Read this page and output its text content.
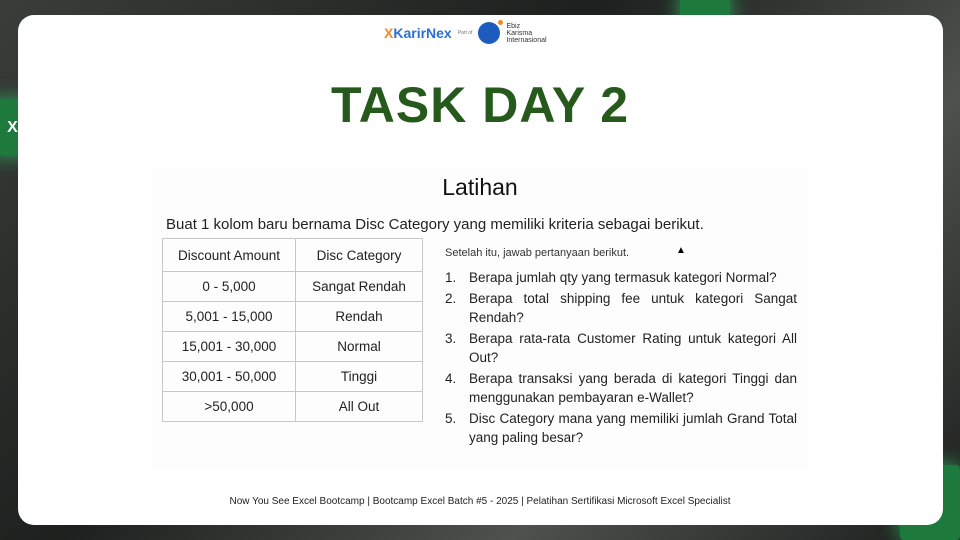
X
XKarirNex Part of
Ebiz
Karisma
Internasional
TASK DAY 2
Latihan
Buat 1 kolom baru bernama Disc Category yang memiliki kriteria sebagai berikut.
Discount Amount	Disc Category
0 - 5,000	Sangat Rendah
5,001 - 15,000	Rendah
15,001 - 30,000	Normal
30,001 - 50,000	Tinggi
>50,000	All Out
Setelah itu, jawab pertanyaan berikut.	▲
1. Berapa jumlah qty yang termasuk kategori Normal?
2. Berapa total shipping fee untuk kategori Sangat Rendah?
3. Berapa rata-rata Customer Rating untuk kategori All Out?
4. Berapa transaksi yang berada di kategori Tinggi dan menggunakan pembayaran e-Wallet?
5. Disc Category mana yang memiliki jumlah Grand Total yang paling besar?
Now You See Excel Bootcamp | Bootcamp Excel Batch #5 - 2025 | Pelatihan Sertifikasi Microsoft Excel Specialist
